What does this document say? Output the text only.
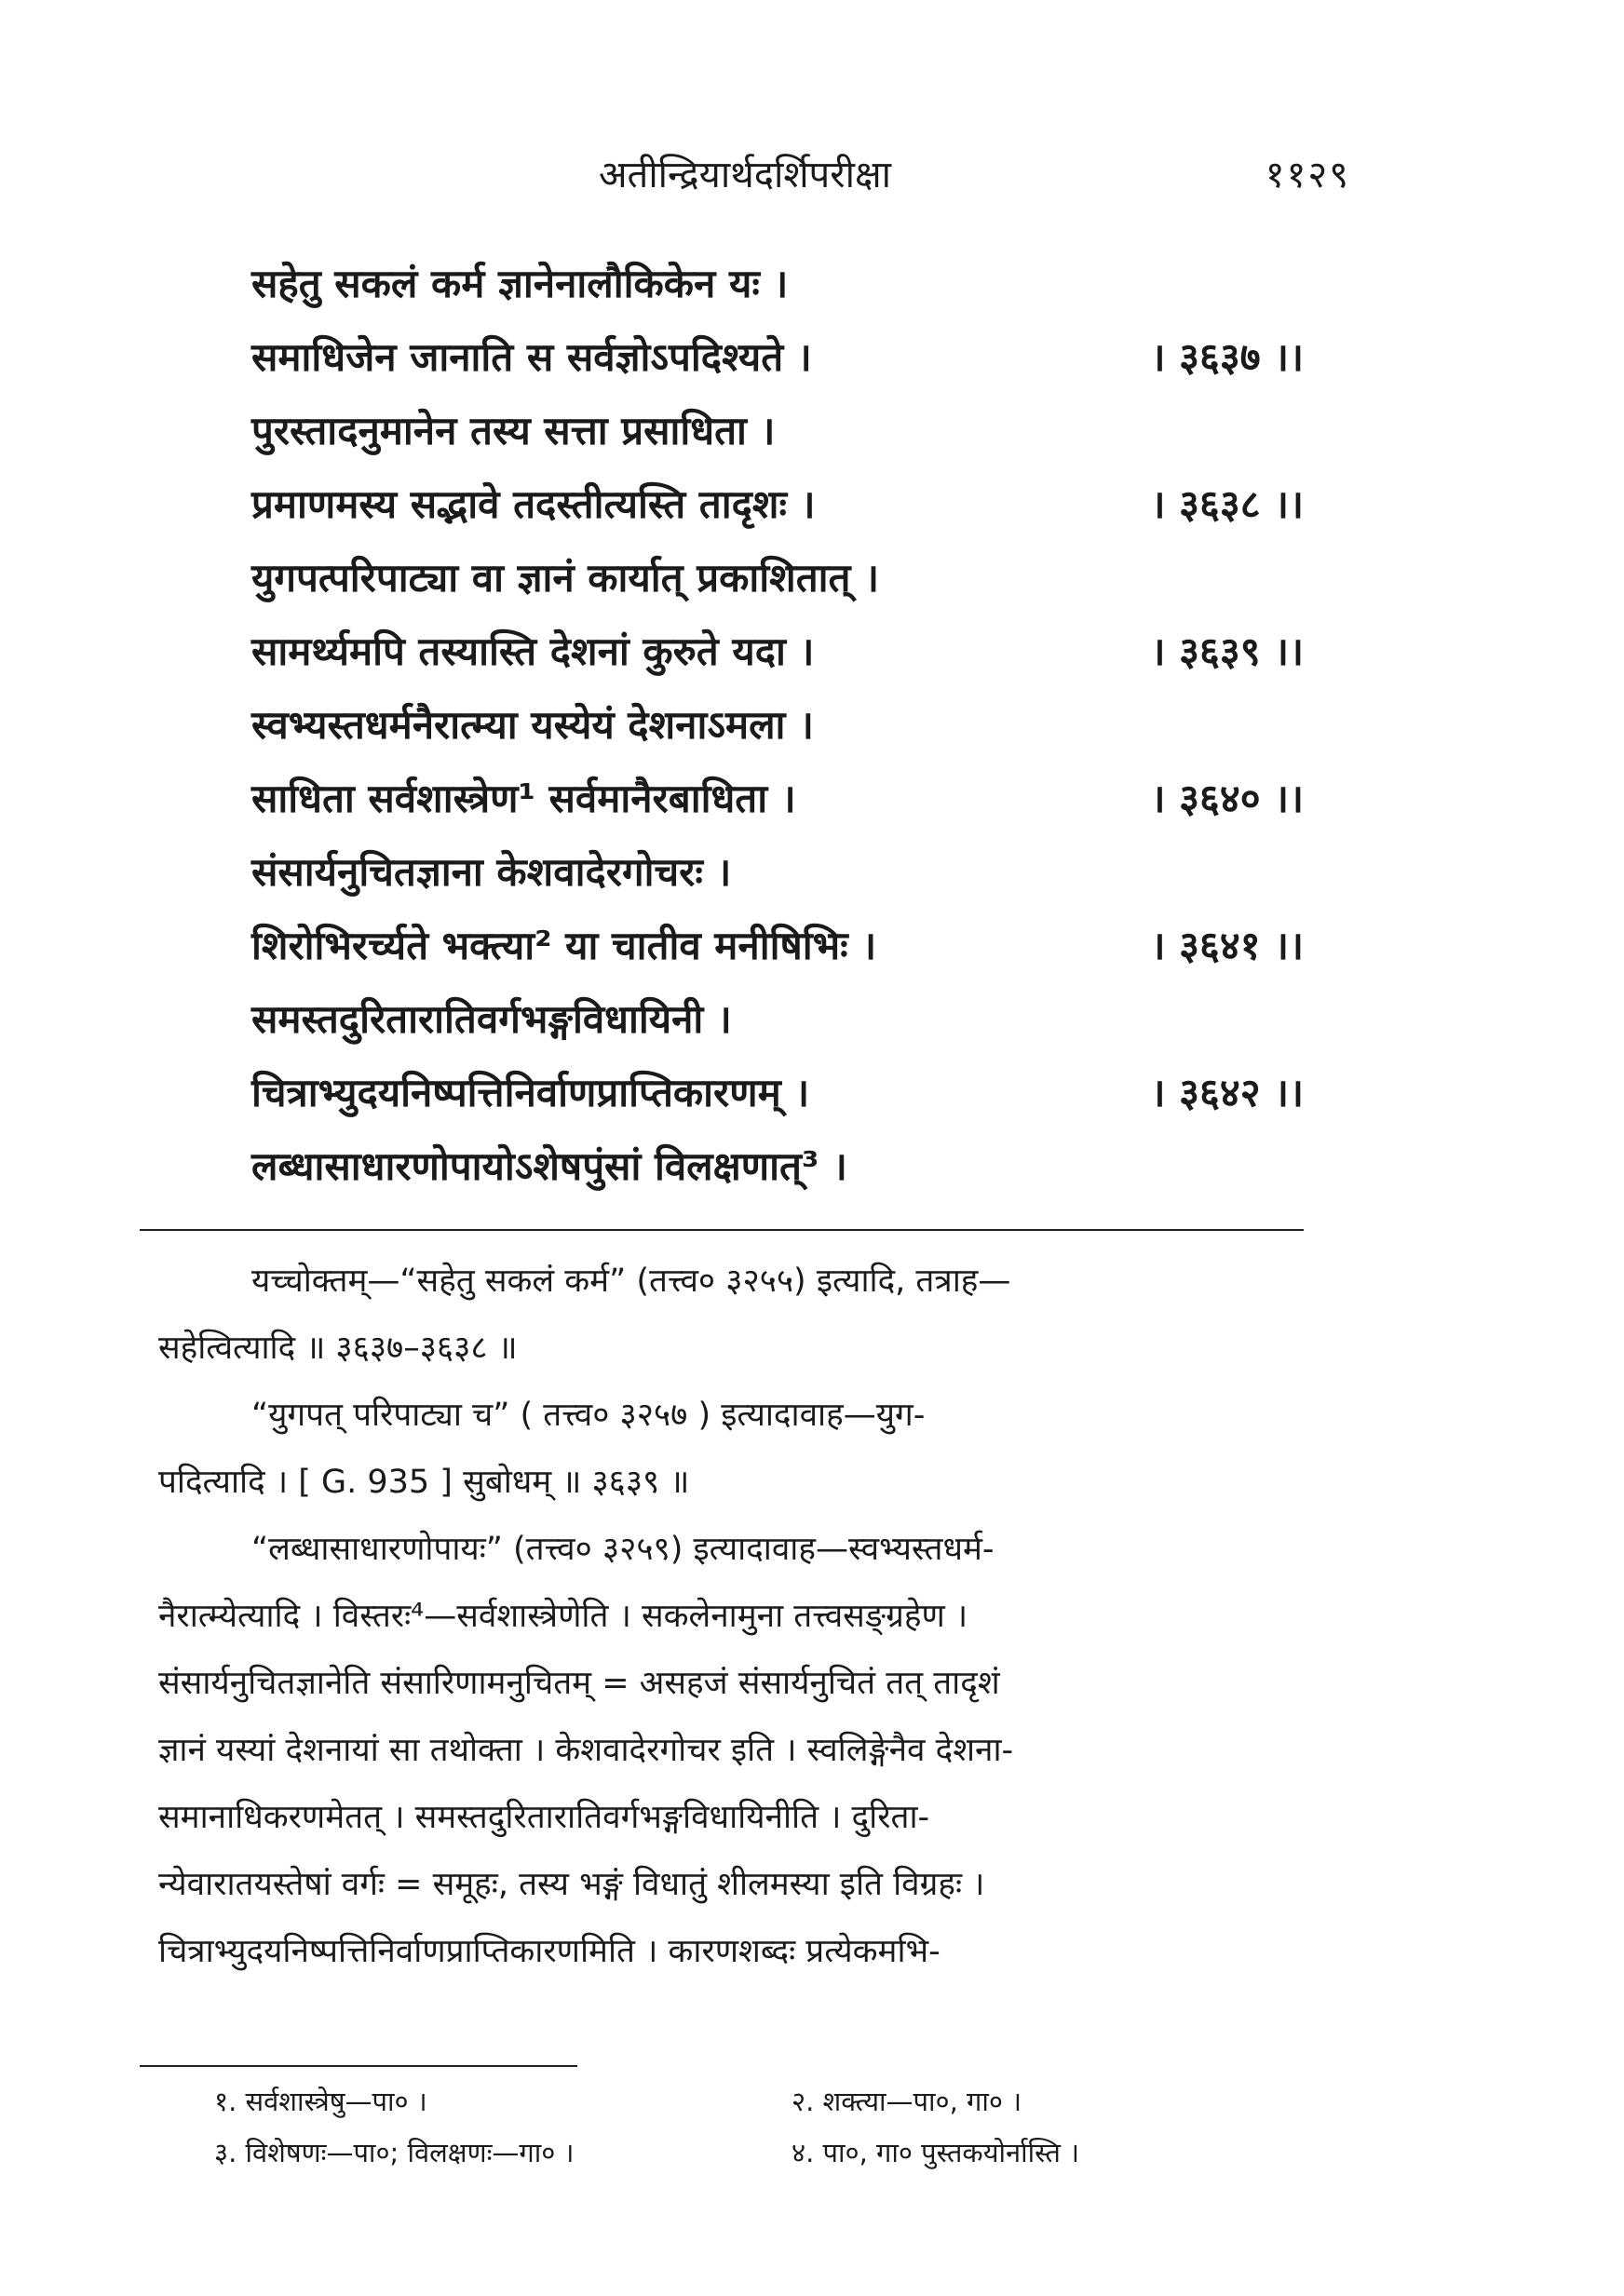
अतीन्द्रियार्थदर्शिपरीक्षा	११२९
सहेतु सकलं कर्म ज्ञानेनालौकिकेन यः ।
समाधिजेन जानाति स सर्वज्ञोऽपदिश्यते ।	। ३६३७ ।।
पुरस्तादनुमानेन तस्य सत्ता प्रसाधिता ।
प्रमाणमस्य सद्भावे तदस्तीत्यस्ति तादृशः ।	। ३६३८ ।।
युगपत्परिपाट्या वा ज्ञानं कार्यात् प्रकाशितात् ।
सामर्थ्यमपि तस्यास्ति देशनां कुरुते यदा ।	। ३६३९ ।।
स्वभ्यस्तधर्मनैरात्म्या यस्येयं देशनाऽमला ।
साधिता सर्वशास्त्रेण¹ सर्वमानैरबाधिता ।	। ३६४० ।।
संसार्यनुचितज्ञाना केशवादेरगोचरः ।
शिरोभिरर्च्यते भक्त्या² या चातीव मनीषिभिः ।	। ३६४१ ।।
समस्तदुरितारातिवर्गभङ्गविधायिनी ।
चित्राभ्युदयनिष्पत्तिनिर्वाणप्राप्तिकारणम् ।	। ३६४२ ।।
लब्धासाधारणोपायोऽशेषपुंसां विलक्षणात्³ ।
यच्चोक्तम्—“सहेतु सकलं कर्म” (तत्त्व० ३२५५) इत्यादि, तत्राह—
सहेत्वित्यादि ॥ ३६३७–३६३८ ॥
“युगपत् परिपाट्या च” ( तत्त्व० ३२५७ ) इत्यादावाह—युग-
पदित्यादि । [ G. 935 ] सुबोधम् ॥ ३६३९ ॥
“लब्धासाधारणोपायः” (तत्त्व० ३२५९) इत्यादावाह—स्वभ्यस्तधर्म-
नैरात्म्येत्यादि । विस्तरः⁴—सर्वशास्त्रेणेति । सकलेनामुना तत्त्वसङ्ग्रहेण ।
संसार्यनुचितज्ञानेति संसारिणामनुचितम् = असहजं संसार्यनुचितं तत् तादृशं
ज्ञानं यस्यां देशनायां सा तथोक्ता । केशवादेरगोचर इति । स्वलिङ्गेनैव देशना-
समानाधिकरणमेतत् । समस्तदुरितारातिवर्गभङ्गविधायिनीति । दुरिता-
न्येवारातयस्तेषां वर्गः = समूहः, तस्य भङ्गं विधातुं शीलमस्या इति विग्रहः ।
चित्राभ्युदयनिष्पत्तिनिर्वाणप्राप्तिकारणमिति । कारणशब्दः प्रत्येकमभि-
१. सर्वशास्त्रेषु—पा० ।	२. शक्त्या—पा०, गा० ।
३. विशेषणः—पा०; विलक्षणः—गा० ।	४. पा०, गा० पुस्तकयोर्नास्ति ।
